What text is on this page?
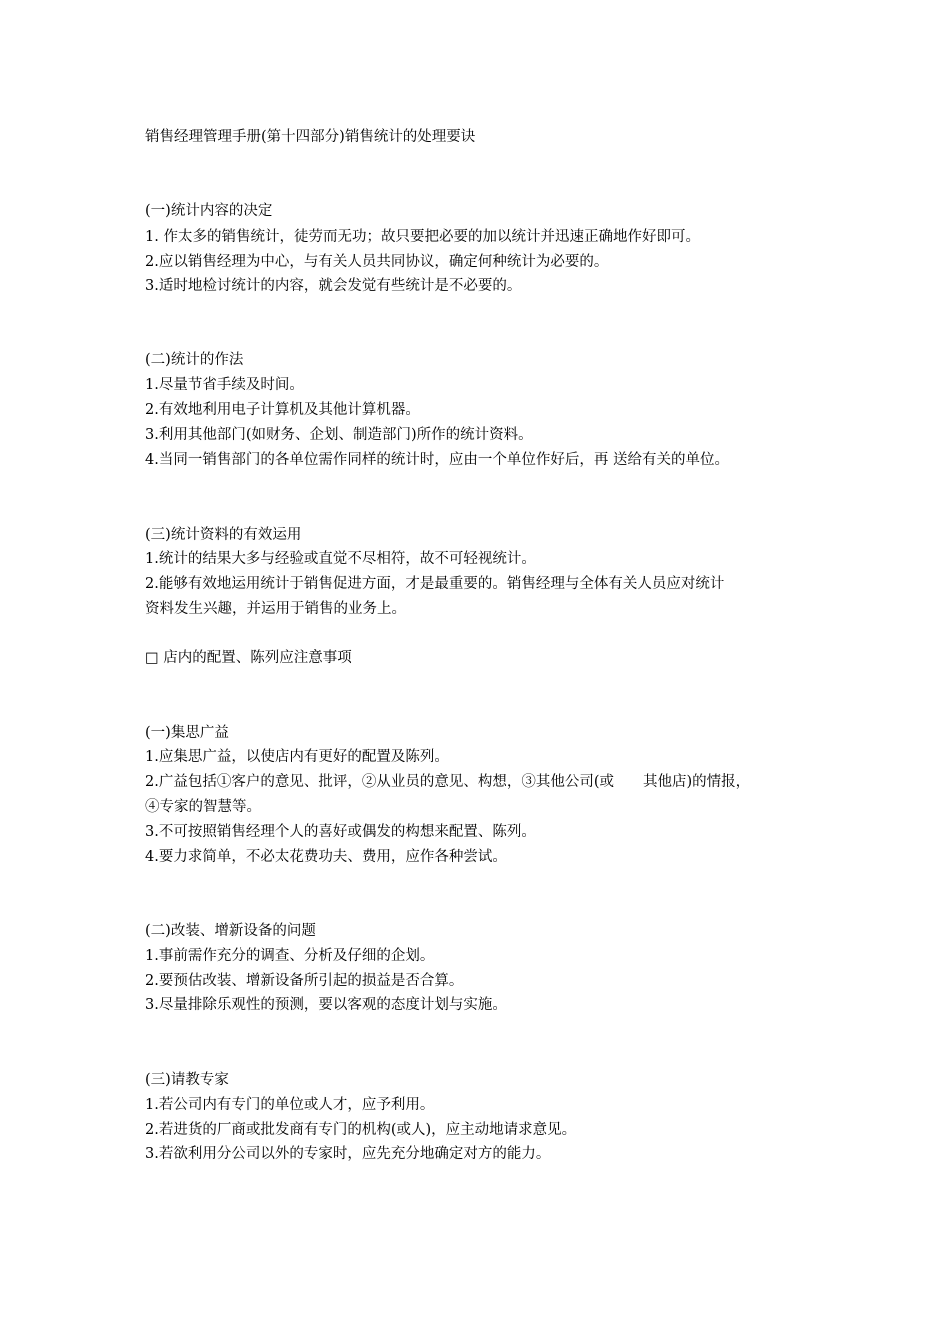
销售经理管理手册(第十四部分)销售统计的处理要诀
(一)统计内容的决定
1. 作太多的销售统计，徒劳而无功；故只要把必要的加以统计并迅速正确地作好即可。
2.应以销售经理为中心，与有关人员共同协议，确定何种统计为必要的。
3.适时地检讨统计的内容，就会发觉有些统计是不必要的。
(二)统计的作法
1.尽量节省手续及时间。
2.有效地利用电子计算机及其他计算机器。
3.利用其他部门(如财务、企划、制造部门)所作的统计资料。
4.当同一销售部门的各单位需作同样的统计时，应由一个单位作好后，再 送给有关的单位。
(三)统计资料的有效运用
1.统计的结果大多与经验或直觉不尽相符，故不可轻视统计。
2.能够有效地运用统计于销售促进方面，才是最重要的。销售经理与全体有关人员应对统计
资料发生兴趣，并运用于销售的业务上。
□ 店内的配置、陈列应注意事项
(一)集思广益
1.应集思广益，以使店内有更好的配置及陈列。
2.广益包括①客户的意见、批评，②从业员的意见、构想，③其他公司(或　　其他店)的情报，
④专家的智慧等。
3.不可按照销售经理个人的喜好或偶发的构想来配置、陈列。
4.要力求简单，不必太花费功夫、费用，应作各种尝试。
(二)改装、增新设备的问题
1.事前需作充分的调查、分析及仔细的企划。
2.要预估改装、增新设备所引起的损益是否合算。
3.尽量排除乐观性的预测，要以客观的态度计划与实施。
(三)请教专家
1.若公司内有专门的单位或人才，应予利用。
2.若进货的厂商或批发商有专门的机构(或人)，应主动地请求意见。
3.若欲利用分公司以外的专家时，应先充分地确定对方的能力。
